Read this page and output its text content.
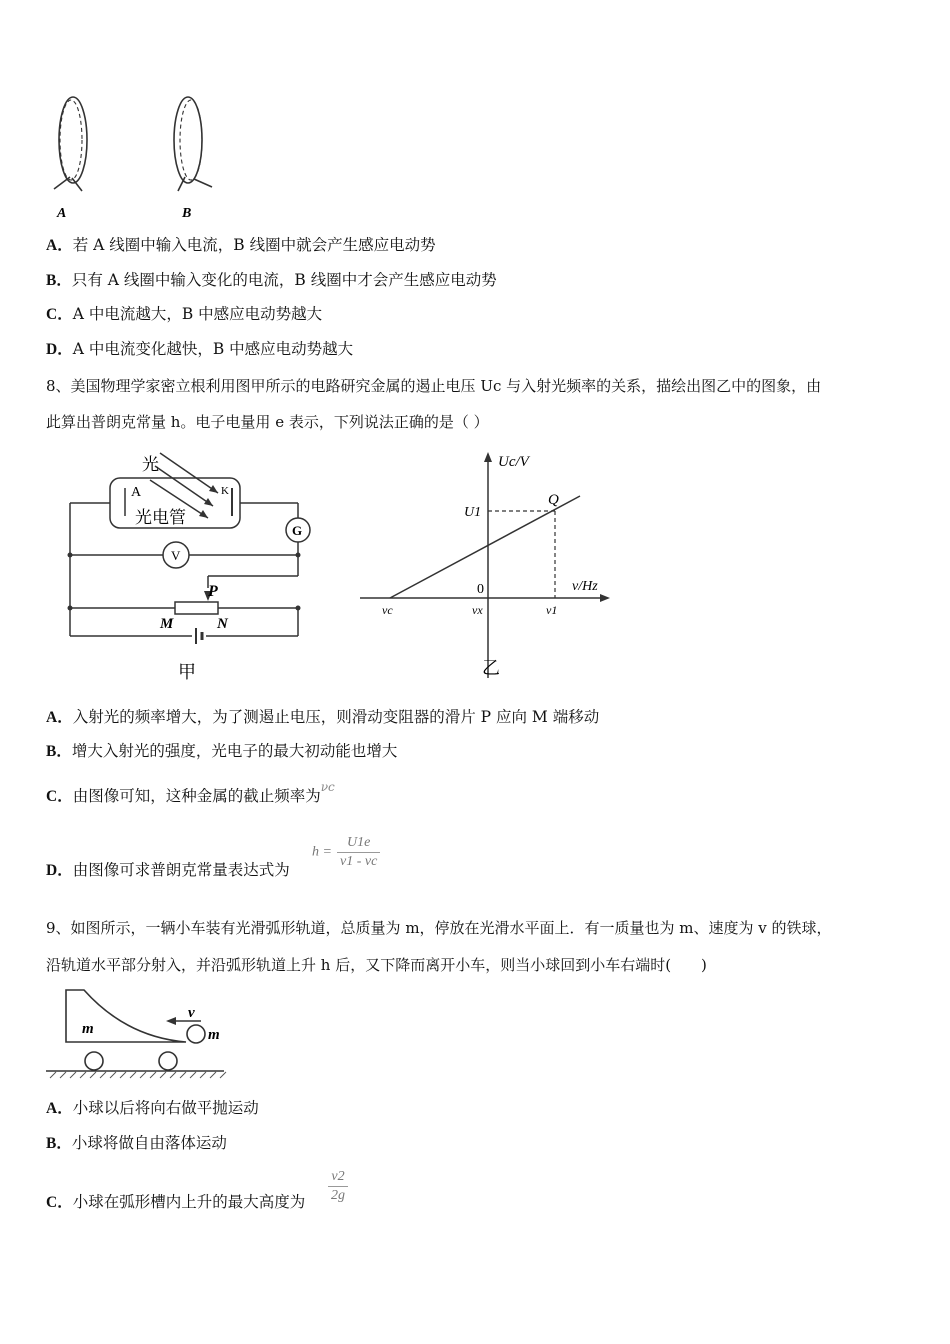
A	B
A．若 A 线圈中输入电流，B 线圈中就会产生感应电动势
B．只有 A 线圈中输入变化的电流，B 线圈中才会产生感应电动势
C．A 中电流越大，B 中感应电动势越大
D．A 中电流变化越快，B 中感应电动势越大
8、美国物理学家密立根利用图甲所示的电路研究金属的遏止电压 Uc 与入射光频率的关系，描绘出图乙中的图象，由
此算出普朗克常量 h。电子电量用 e 表示，下列说法正确的是（ ）
光
A	K
光电管
G
V
P
M	N
甲
Uc/V
ν/Hz
U1
Q
0
νc	νx	ν1
乙
A．入射光的频率增大，为了测遏止电压，则滑动变阻器的滑片 P 应向 M 端移动
B．增大入射光的强度，光电子的最大初动能也增大
C．由图像可知，这种金属的截止频率为$^{\nu c}$
D．由图像可求普朗克常量表达式为
$h = \frac{U1e}{\nu 1 - \nu c}$
9、如图所示，一辆小车装有光滑弧形轨道，总质量为 m，停放在光滑水平面上．有一质量也为 m、速度为 v 的铁球，
沿轨道水平部分射入，并沿弧形轨道上升 h 后，又下降而离开小车，则当小球回到小车右端时(　　)
m
v
m
A．小球以后将向右做平抛运动
B．小球将做自由落体运动
C．小球在弧形槽内上升的最大高度为 $\frac{v2}{2g}$
